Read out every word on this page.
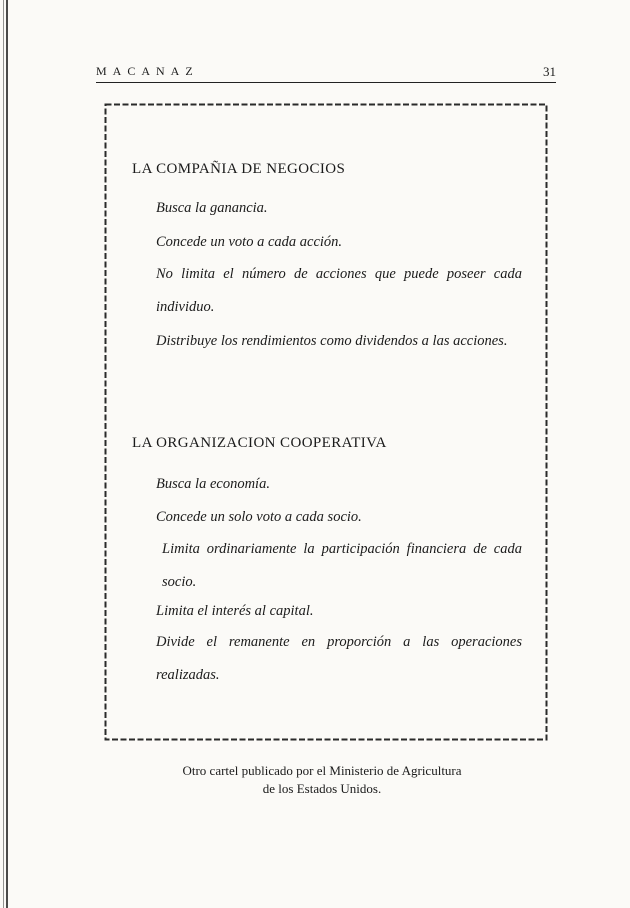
MACANAZ	31
LA COMPAÑIA DE NEGOCIOS
Busca la ganancia.
Concede un voto a cada acción.
No limita el número de acciones que puede poseer cada individuo.
Distribuye los rendimientos como dividendos a las acciones.
LA ORGANIZACION COOPERATIVA
Busca la economía.
Concede un solo voto a cada socio.
Limita ordinariamente la participación financiera de cada socio.
Limita el interés al capital.
Divide el remanente en proporción a las operaciones realizadas.
Otro cartel publicado por el Ministerio de Agricultura
de los Estados Unidos.
